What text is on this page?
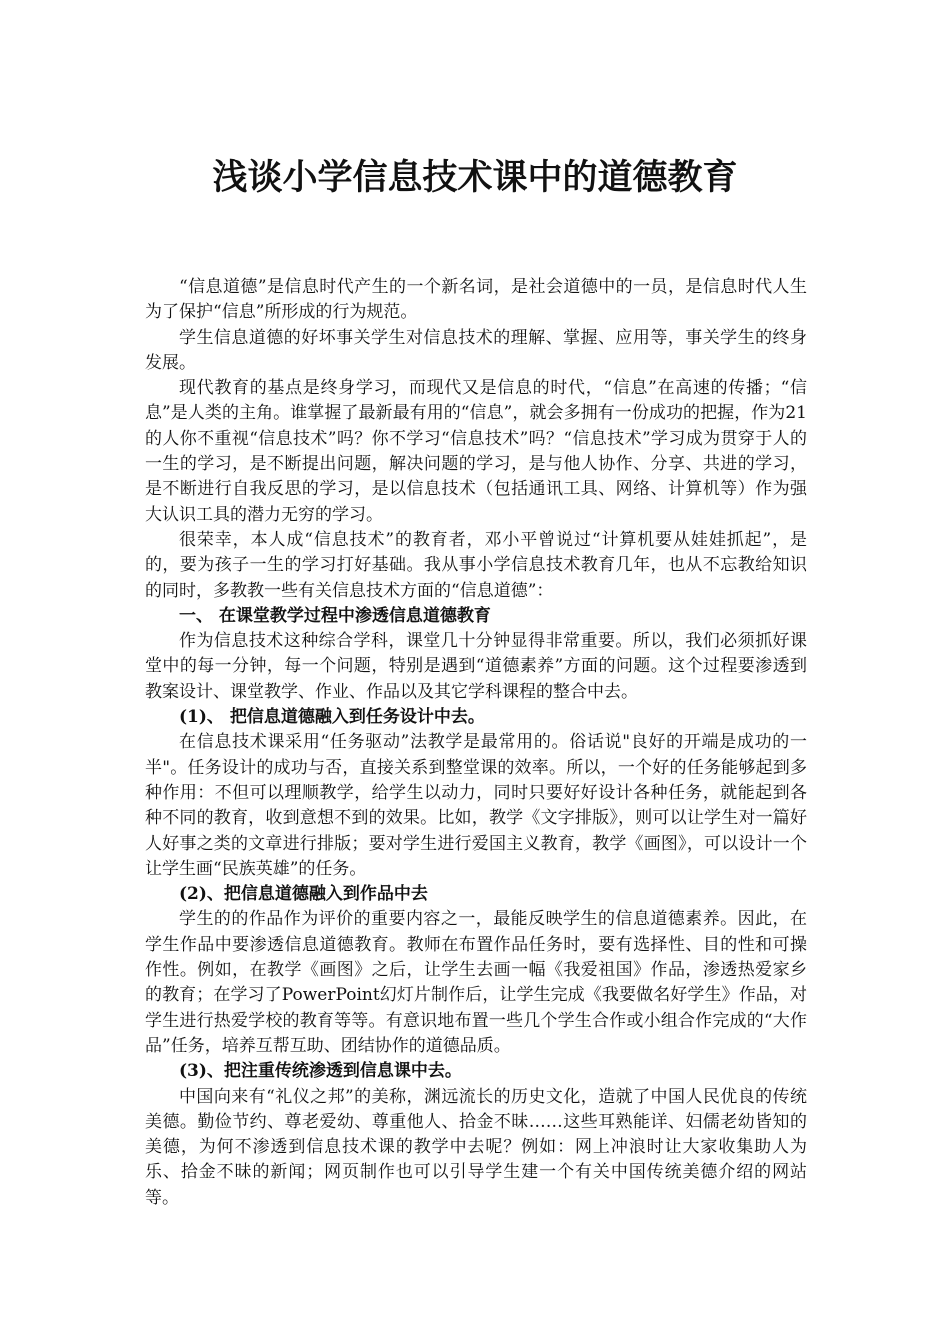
浅谈小学信息技术课中的道德教育

“信息道德”是信息时代产生的一个新名词，是社会道德中的一员，是信息时代人生为了保护“信息”所形成的行为规范。

学生信息道德的好坏事关学生对信息技术的理解、掌握、应用等，事关学生的终身发展。

现代教育的基点是终身学习，而现代又是信息的时代，“信息”在高速的传播；“信息”是人类的主角。谁掌握了最新最有用的“信息”，就会多拥有一份成功的把握，作为21的人你不重视“信息技术”吗？你不学习“信息技术”吗？“信息技术”学习成为贯穿于人的一生的学习，是不断提出问题，解决问题的学习，是与他人协作、分享、共进的学习，是不断进行自我反思的学习，是以信息技术（包括通讯工具、网络、计算机等）作为强大认识工具的潜力无穷的学习。

很荣幸，本人成“信息技术”的教育者，邓小平曾说过“计算机要从娃娃抓起”，是的，要为孩子一生的学习打好基础。我从事小学信息技术教育几年，也从不忘教给知识的同时，多教教一些有关信息技术方面的“信息道德”：

一、 在课堂教学过程中渗透信息道德教育

作为信息技术这种综合学科，课堂几十分钟显得非常重要。所以，我们必须抓好课堂中的每一分钟，每一个问题，特别是遇到“道德素养”方面的问题。这个过程要渗透到教案设计、课堂教学、作业、作品以及其它学科课程的整合中去。

(1)、 把信息道德融入到任务设计中去。

在信息技术课采用“任务驱动”法教学是最常用的。俗话说"良好的开端是成功的一半"。任务设计的成功与否，直接关系到整堂课的效率。所以，一个好的任务能够起到多种作用：不但可以理顺教学，给学生以动力，同时只要好好设计各种任务，就能起到各种不同的教育，收到意想不到的效果。比如，教学《文字排版》，则可以让学生对一篇好人好事之类的文章进行排版；要对学生进行爱国主义教育，教学《画图》，可以设计一个让学生画“民族英雄”的任务。

(2)、把信息道德融入到作品中去

学生的的作品作为评价的重要内容之一，最能反映学生的信息道德素养。因此，在学生作品中要渗透信息道德教育。教师在布置作品任务时，要有选择性、目的性和可操作性。例如，在教学《画图》之后，让学生去画一幅《我爱祖国》作品，渗透热爱家乡的教育；在学习了PowerPoint幻灯片制作后，让学生完成《我要做名好学生》作品，对学生进行热爱学校的教育等等。有意识地布置一些几个学生合作或小组合作完成的“大作品”任务，培养互帮互助、团结协作的道德品质。

(3)、把注重传统渗透到信息课中去。

中国向来有“礼仪之邦”的美称，渊远流长的历史文化，造就了中国人民优良的传统美德。勤俭节约、尊老爱幼、尊重他人、拾金不昧……这些耳熟能详、妇儒老幼皆知的美德，为何不渗透到信息技术课的教学中去呢？例如：网上冲浪时让大家收集助人为乐、拾金不昧的新闻；网页制作也可以引导学生建一个有关中国传统美德介绍的网站等。
